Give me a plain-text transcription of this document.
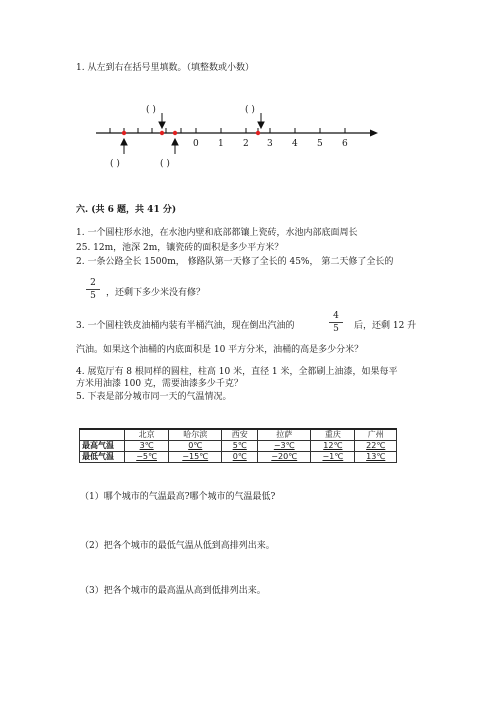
1. 从左到右在括号里填数。（填整数或小数）
0 1 2 3 4 5 6
( )	( )
( )	( )
六. (共 6 题，共 41 分)
1. 一个圆柱形水池，在水池内壁和底部都镶上瓷砖，水池内部底面周长
25. 12m，池深 2m，镶瓷砖的面积是多少平方米？
2. 一条公路全长 1500m， 修路队第一天修了全长的 45%， 第二天修了全长的
2
5	，还剩下多少米没有修？
3. 一个圆柱铁皮油桶内装有半桶汽油，现在倒出汽油的
4
5	后，还剩 12 升
汽油。如果这个油桶的内底面积是 10 平方分米，油桶的高是多少分米？
4. 展览厅有 8 根同样的圆柱，柱高 10 米，直径 1 米，全都刷上油漆，如果每平
方米用油漆 100 克，需要油漆多少千克？
5. 下表是部分城市同一天的气温情况。
	北京	哈尔滨	西安	拉萨	重庆	广州
最高气温	3℃	0℃	5℃	−3℃	12℃	22℃
最低气温	−5℃	−15℃	0℃	−20℃	−1℃	13℃
（1）哪个城市的气温最高?哪个城市的气温最低?
（2）把各个城市的最低气温从低到高排列出来。
（3）把各个城市的最高温从高到低排列出来。
